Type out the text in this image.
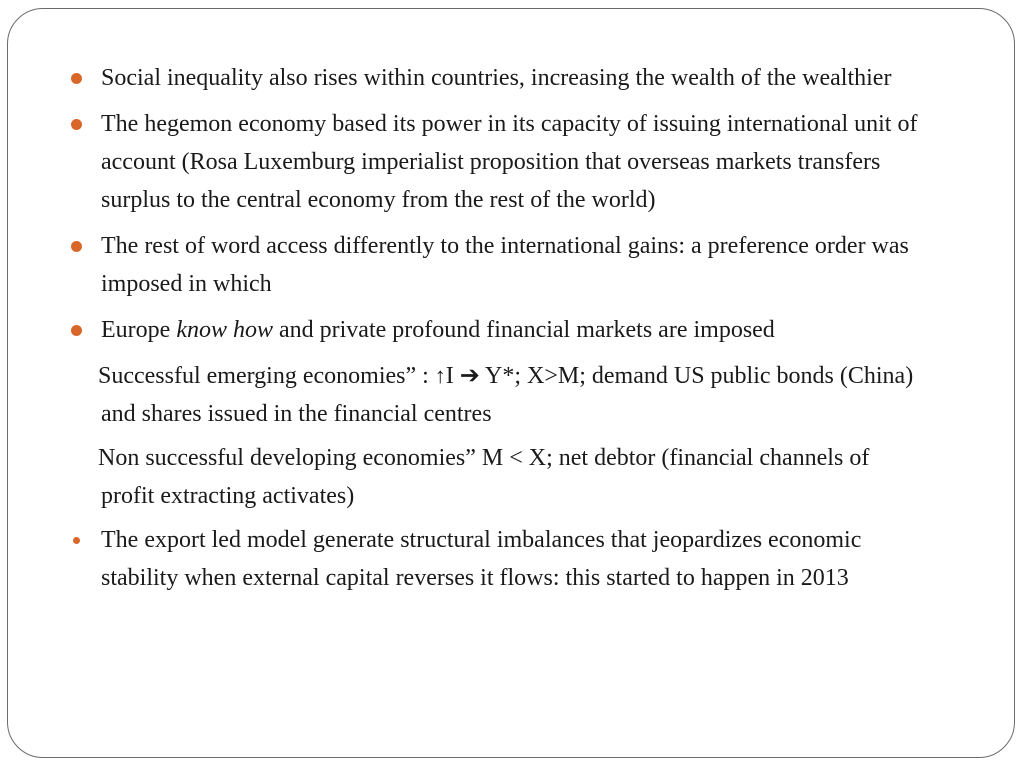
Social inequality also rises within countries, increasing the wealth of the wealthier
The hegemon economy based its power in its capacity of issuing international unit of account (Rosa Luxemburg imperialist proposition that overseas markets transfers surplus to the central economy from the rest of the world)
The rest of word access differently to the international gains: a preference order was imposed in which
Europe know how and private profound financial markets are imposed
Successful emerging economies” : ↑I ➔ Y*; X>M; demand US public bonds (China) and shares issued in the financial centres
Non successful developing economies” M < X; net debtor (financial channels of profit extracting activates)
The export led model generate structural imbalances that jeopardizes economic stability when external capital reverses it flows: this started to happen in 2013
